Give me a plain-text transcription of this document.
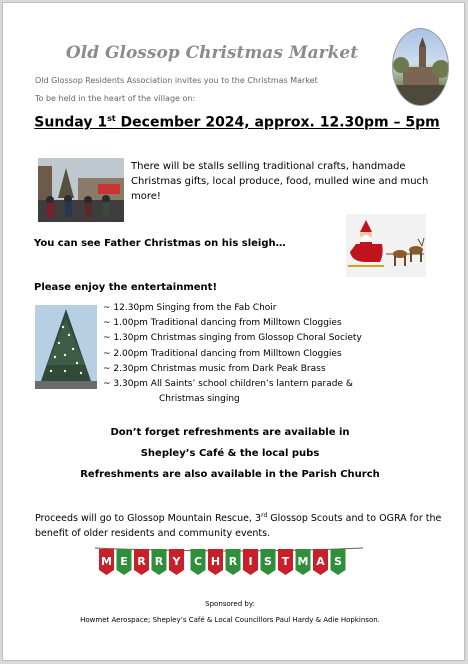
Old Glossop Christmas Market
Old Glossop Residents Association invites you to the Christmas Market
To be held in the heart of the village on:
Sunday 1st December 2024, approx. 12.30pm – 5pm
There will be stalls selling traditional crafts, handmade Christmas gifts, local produce, food, mulled wine and much more!
You can see Father Christmas on his sleigh…
Please enjoy the entertainment!
~ 12.30pm Singing from the Fab Choir
~ 1.00pm Traditional dancing from Milltown Cloggies
~ 1.30pm Christmas singing from Glossop Choral Society
~ 2.00pm Traditional dancing from Milltown Cloggies
~ 2.30pm Christmas music from Dark Peak Brass
~ 3.30pm All Saints’ school children’s lantern parade &
Christmas singing
Don’t forget refreshments are available in
Shepley’s Café & the local pubs
Refreshments are also available in the Parish Church
Proceeds will go to Glossop Mountain Rescue, 3rd Glossop Scouts and to OGRA for the benefit of older residents and community events.
M E R R Y C H R I S T M A S
Sponsored by:
Howmet Aerospace; Shepley’s Café & Local Councillors Paul Hardy & Adie Hopkinson.
